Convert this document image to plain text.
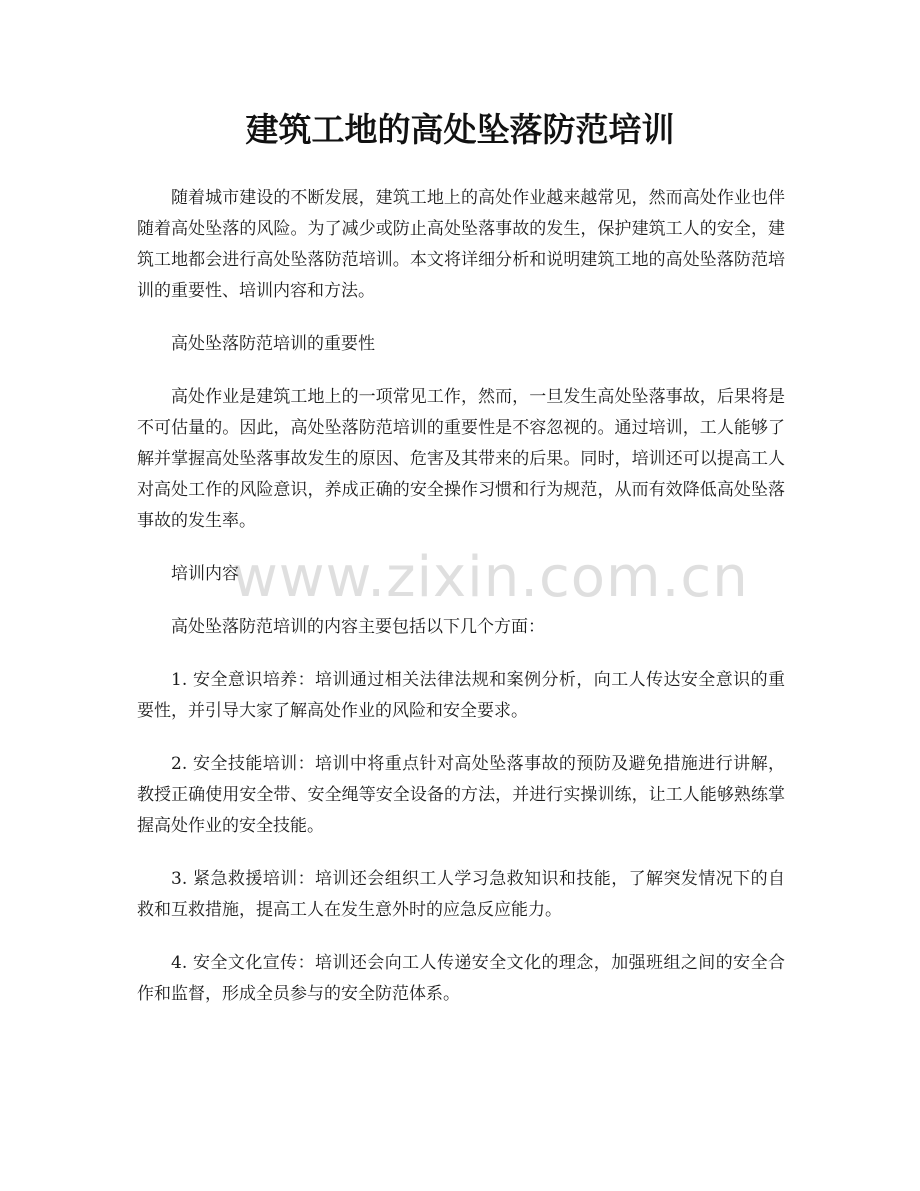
建筑工地的高处坠落防范培训

随着城市建设的不断发展，建筑工地上的高处作业越来越常见，然而高处作业也伴随着高处坠落的风险。为了减少或防止高处坠落事故的发生，保护建筑工人的安全，建筑工地都会进行高处坠落防范培训。本文将详细分析和说明建筑工地的高处坠落防范培训的重要性、培训内容和方法。

高处坠落防范培训的重要性

高处作业是建筑工地上的一项常见工作，然而，一旦发生高处坠落事故，后果将是不可估量的。因此，高处坠落防范培训的重要性是不容忽视的。通过培训，工人能够了解并掌握高处坠落事故发生的原因、危害及其带来的后果。同时，培训还可以提高工人对高处工作的风险意识，养成正确的安全操作习惯和行为规范，从而有效降低高处坠落事故的发生率。

培训内容

高处坠落防范培训的内容主要包括以下几个方面：

1. 安全意识培养：培训通过相关法律法规和案例分析，向工人传达安全意识的重要性，并引导大家了解高处作业的风险和安全要求。

2. 安全技能培训：培训中将重点针对高处坠落事故的预防及避免措施进行讲解，教授正确使用安全带、安全绳等安全设备的方法，并进行实操训练，让工人能够熟练掌握高处作业的安全技能。

3. 紧急救援培训：培训还会组织工人学习急救知识和技能，了解突发情况下的自救和互救措施，提高工人在发生意外时的应急反应能力。

4. 安全文化宣传：培训还会向工人传递安全文化的理念，加强班组之间的安全合作和监督，形成全员参与的安全防范体系。

www.zixin.com.cn
